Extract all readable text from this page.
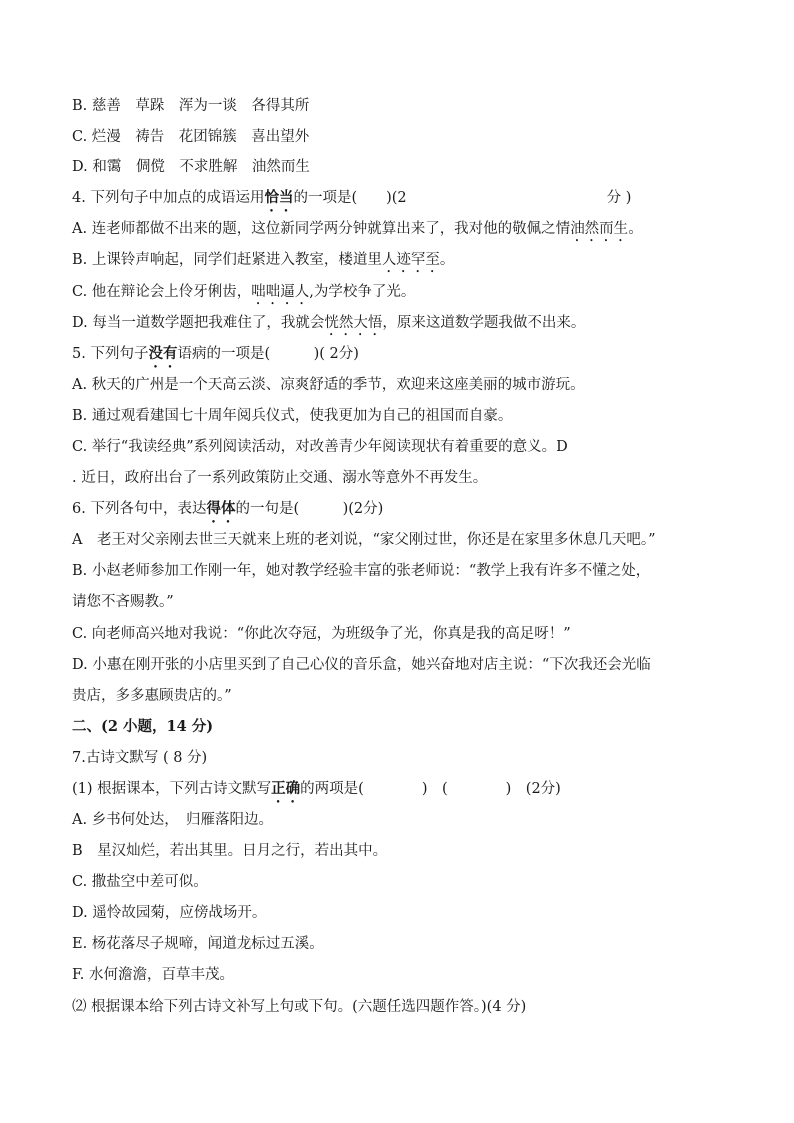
B. 慈善　草跺　浑为一谈　各得其所
C. 烂漫　祷告　花团锦簇　喜出望外
D. 和霭　倜傥　不求胜解　油然而生
4. 下列句子中加点的成语运用恰当的一项是(　　)(2	分 )
A. 连老师都做不出来的题，这位新同学两分钟就算出来了，我对他的敬佩之情油然而生。
B. 上课铃声响起，同学们赶紧进入教室，楼道里人迹罕至。
C. 他在辩论会上伶牙俐齿，咄咄逼人,为学校争了光。
D. 每当一道数学题把我难住了，我就会恍然大悟，原来这道数学题我做不出来。
5. 下列句子没有语病的一项是(　　　)( 2分)
A. 秋天的广州是一个天高云淡、凉爽舒适的季节，欢迎来这座美丽的城市游玩。
B. 通过观看建国七十周年阅兵仪式，使我更加为自己的祖国而自豪。
C. 举行“我读经典”系列阅读活动，对改善青少年阅读现状有着重要的意义。D
. 近日，政府出台了一系列政策防止交通、溺水等意外不再发生。
6. 下列各句中，表达得体的一句是(　　　)(2分)
A　老王对父亲刚去世三天就来上班的老刘说，“家父刚过世，你还是在家里多休息几天吧。”
B. 小赵老师参加工作刚一年，她对教学经验丰富的张老师说：“教学上我有许多不懂之处，
请您不吝赐教。”
C. 向老师高兴地对我说：“你此次夺冠，为班级争了光，你真是我的高足呀！”
D. 小惠在刚开张的小店里买到了自己心仪的音乐盒，她兴奋地对店主说：“下次我还会光临
贵店，多多惠顾贵店的。”
二、(2 小题，14 分)
7.古诗文默写 ( 8 分)
(1) 根据课本，下列古诗文默写正确的两项是(　　　　)　(　　　　)　(2分)
A. 乡书何处达，　归雁落阳边。
B　星汉灿烂，若出其里。日月之行，若出其中。
C. 撒盐空中差可似。
D. 遥怜故园菊，应傍战场开。
E. 杨花落尽子规啼，闻道龙标过五溪。
F. 水何澹澹，百草丰茂。
⑵ 根据课本给下列古诗文补写上句或下句。(六题任选四题作答。)(4 分)
